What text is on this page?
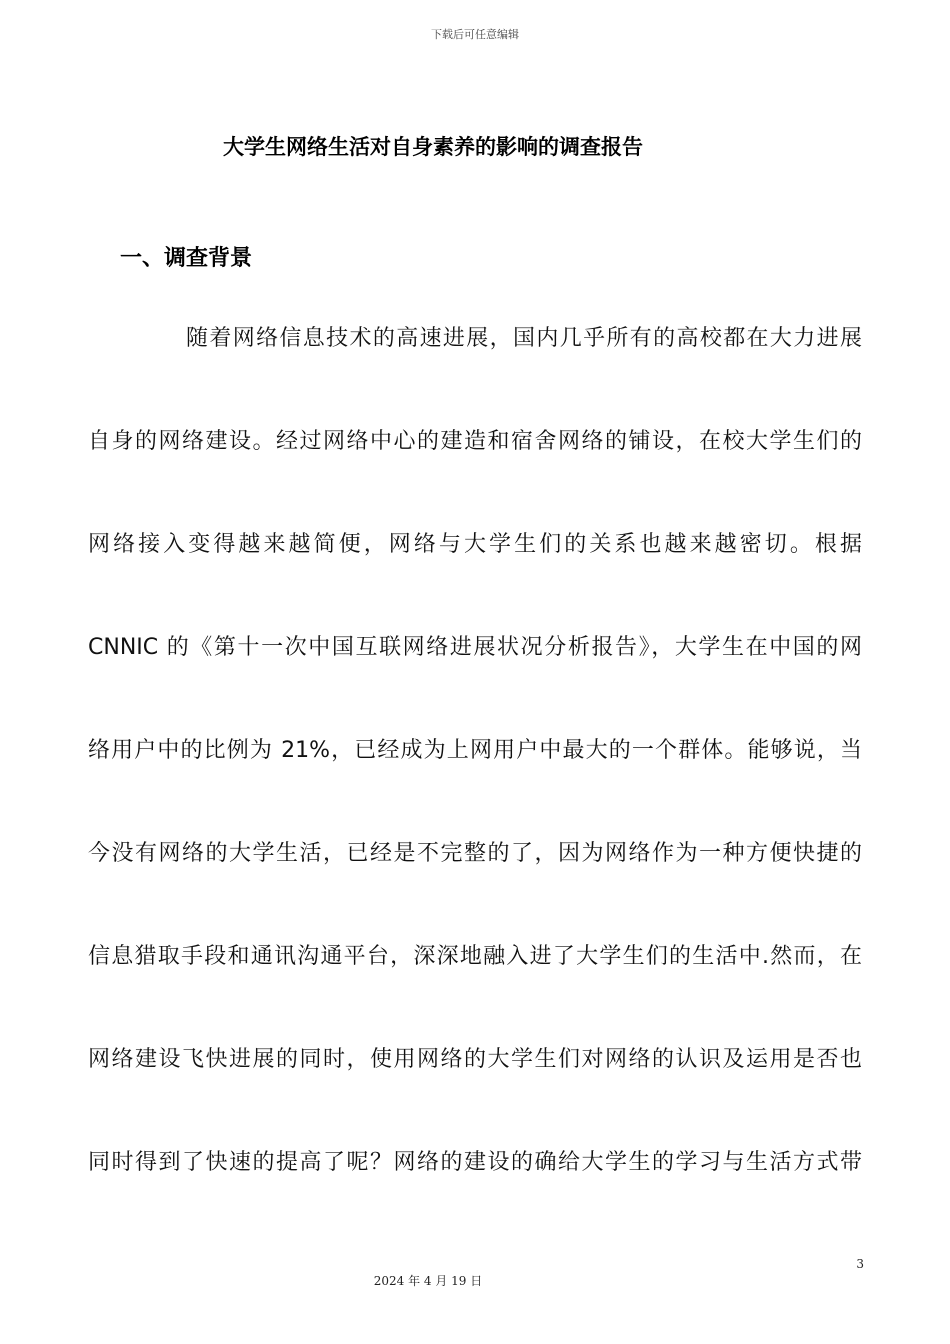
下载后可任意编辑
大学生网络生活对自身素养的影响的调查报告
一、调查背景
随着网络信息技术的高速进展，国内几乎所有的高校都在大力进展
自身的网络建设。经过网络中心的建造和宿舍网络的铺设，在校大学生们的
网络接入变得越来越简便，网络与大学生们的关系也越来越密切。根据
CNNIC 的《第十一次中国互联网络进展状况分析报告》，大学生在中国的网
络用户中的比例为 21%，已经成为上网用户中最大的一个群体。能够说，当
今没有网络的大学生活，已经是不完整的了，因为网络作为一种方便快捷的
信息猎取手段和通讯沟通平台，深深地融入进了大学生们的生活中.然而，在
网络建设飞快进展的同时，使用网络的大学生们对网络的认识及运用是否也
同时得到了快速的提高了呢？网络的建设的确给大学生的学习与生活方式带
3
2024 年 4 月 19 日
